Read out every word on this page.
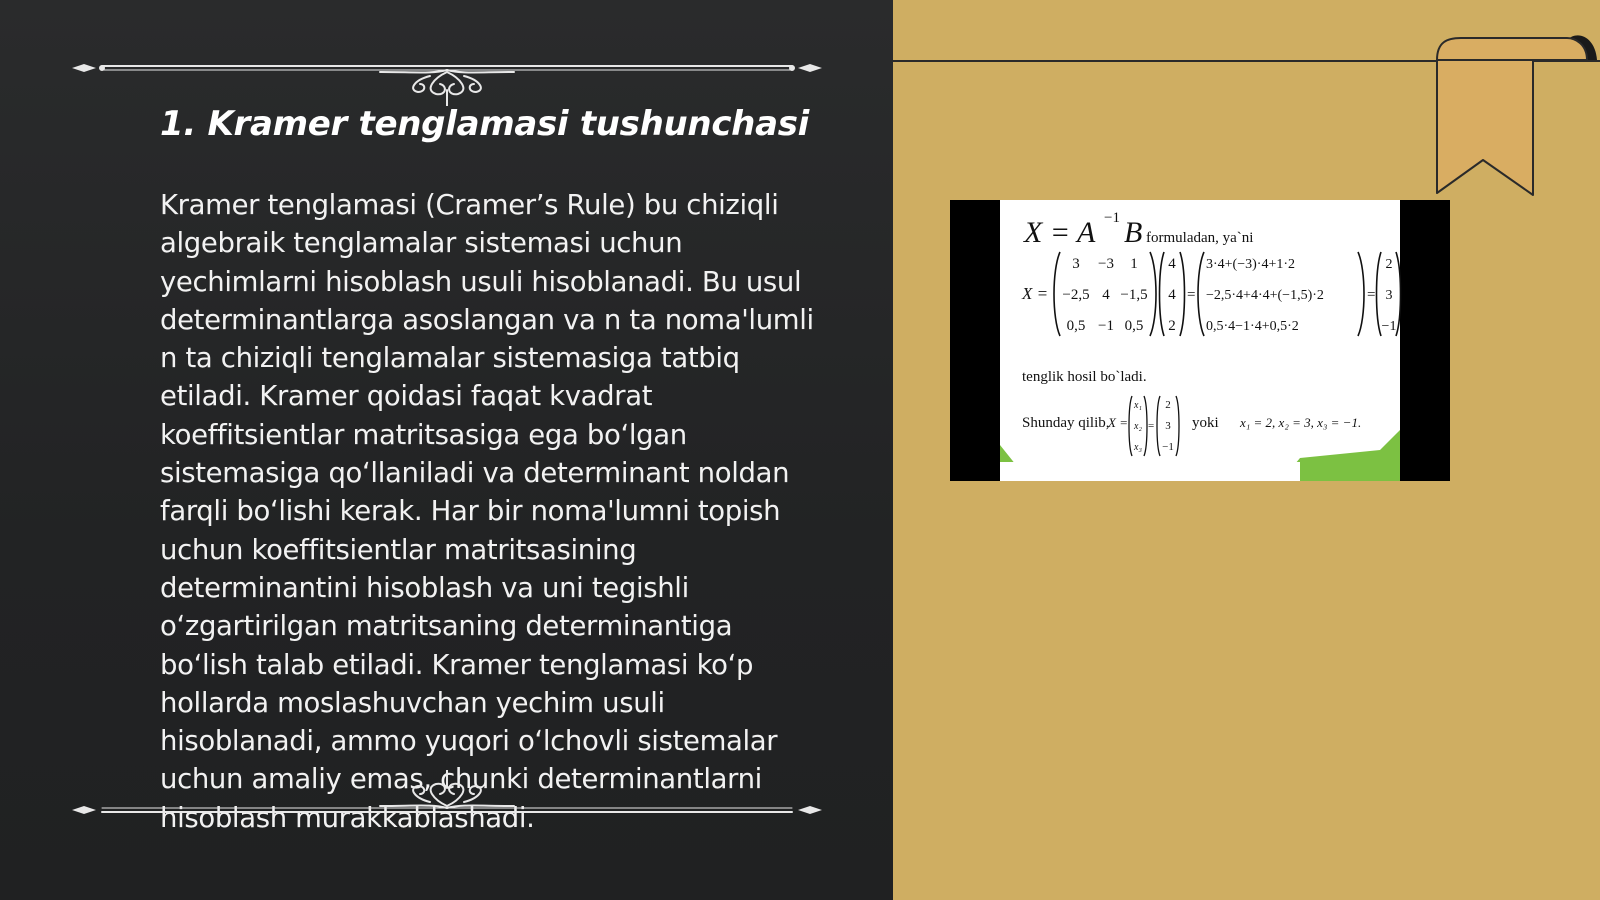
1. Kramer tenglamasi tushunchasi

Kramer tenglamasi (Cramer’s Rule) bu chiziqli algebraik tenglamalar sistemasi uchun yechimlarni hisoblash usuli hisoblanadi. Bu usul determinantlarga asoslangan va n ta noma'lumli n ta chiziqli tenglamalar sistemasiga tatbiq etiladi. Kramer qoidasi faqat kvadrat koeffitsientlar matritsasiga ega boʻlgan sistemasiga qoʻllaniladi va determinant noldan farqli boʻlishi kerak. Har bir noma'lumni topish uchun koeffitsientlar matritsasining determinantini hisoblash va uni tegishli oʻzgartirilgan matritsaning determinantiga boʻlish talab etiladi. Kramer tenglamasi koʻp hollarda moslashuvchan yechim usuli hisoblanadi, ammo yuqori oʻlchovli sistemalar uchun amaliy emas, chunki determinantlarni hisoblash murakkablashadi.

X = A −1 B formuladan, ya`ni
X =
3 −3 1
−2,5 4 −1,5
0,5 −1 0,5
4
4
2
=
3·4+(−3)·4+1·2
−2,5·4+4·4+(−1,5)·2
0,5·4−1·4+0,5·2
=
2
3
−1
tenglik hosil bo`ladi.
Shunday qilib,
X =
x₁
x₂
x₃
=
2
3
−1
yoki x₁ = 2, x₂ = 3, x₃ = −1.
